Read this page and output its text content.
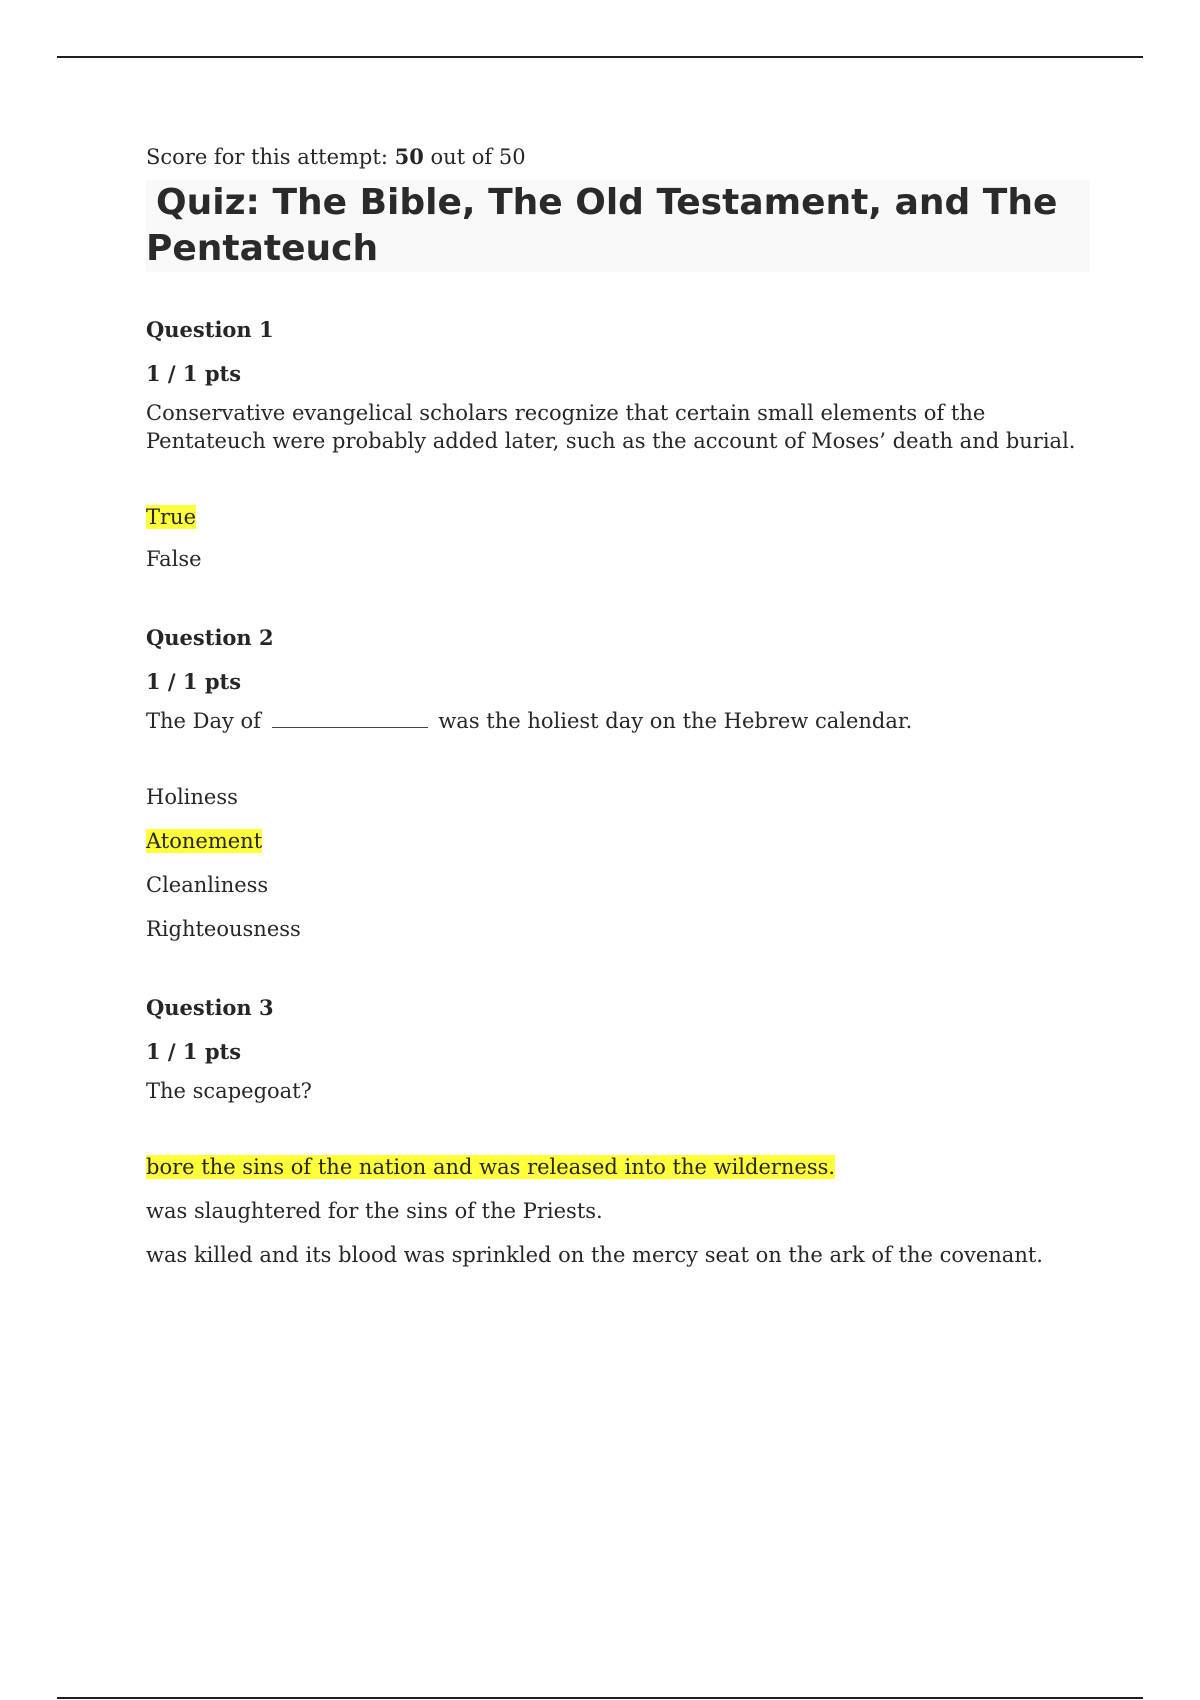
Score for this attempt: 50 out of 50
Quiz: The Bible, The Old Testament, and The
Pentateuch
Question 1
1 / 1 pts
Conservative evangelical scholars recognize that certain small elements of the Pentateuch were probably added later, such as the account of Moses’ death and burial.
True
False
Question 2
1 / 1 pts
The Day of	was the holiest day on the Hebrew calendar.
Holiness
Atonement
Cleanliness
Righteousness
Question 3
1 / 1 pts
The scapegoat?
bore the sins of the nation and was released into the wilderness.
was slaughtered for the sins of the Priests.
was killed and its blood was sprinkled on the mercy seat on the ark of the covenant.
